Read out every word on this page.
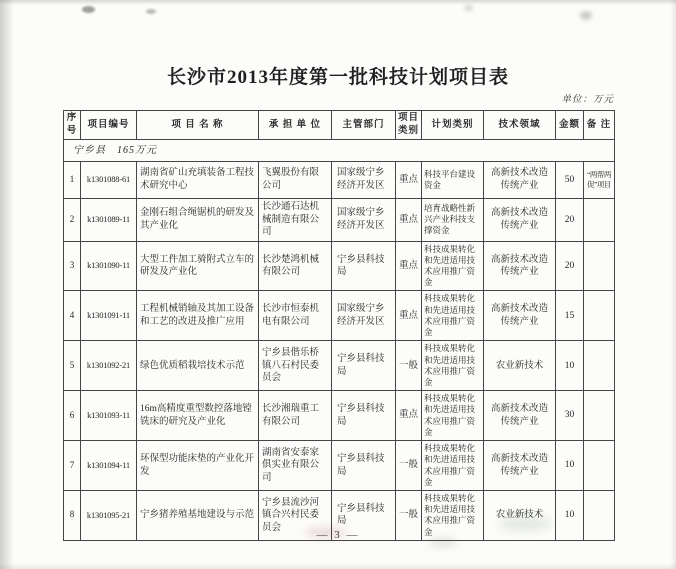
长沙市2013年度第一批科技计划项目表
单位：万元
序号	项目编号	项 目 名 称	承 担 单 位	主管部门	项目类别	计划类别	技术领域	金额	备 注
宁乡县　165万元									
1	k1301088-61	湖南省矿山充填装备工程技术研究中心	飞翼股份有限公司	国家级宁乡经济开发区	重点	科技平台建设资金	高新技术改造传统产业	50	“两帮两促”项目
2	k1301089-11	金刚石组合绳锯机的研发及其产业化	长沙通石达机械制造有限公司	国家级宁乡经济开发区	重点	培育战略性新兴产业科技支撑资金	高新技术改造传统产业	20	
3	k1301090-11	大型工件加工骑附式立车的研发及产业化	长沙楚鸿机械有限公司	宁乡县科技局	重点	科技成果转化和先进适用技术应用推广资金	高新技术改造传统产业	20	
4	k1301091-11	工程机械销轴及其加工设备和工艺的改进及推广应用	长沙市恒泰机电有限公司	国家级宁乡经济开发区	重点	科技成果转化和先进适用技术应用推广资金	高新技术改造传统产业	15	
5	k1301092-21	绿色优质稻栽培技术示范	宁乡县偕乐桥镇八石村民委员会	宁乡县科技局	一般	科技成果转化和先进适用技术应用推广资金	农业新技术	10	
6	k1301093-11	16m高精度重型数控落地镗铣床的研究及产业化	长沙湘瑞重工有限公司	宁乡县科技局	重点	科技成果转化和先进适用技术应用推广资金	高新技术改造传统产业	30	
7	k1301094-11	环保型功能床垫的产业化开发	湖南省安泰家俱实业有限公司	宁乡县科技局	一般	科技成果转化和先进适用技术应用推广资金	高新技术改造传统产业	10	
8	k1301095-21	宁乡猪养殖基地建设与示范	宁乡县流沙河镇合兴村民委员会	宁乡县科技局	一般	科技成果转化和先进适用技术应用推广资金	农业新技术	10	
— 3 —
